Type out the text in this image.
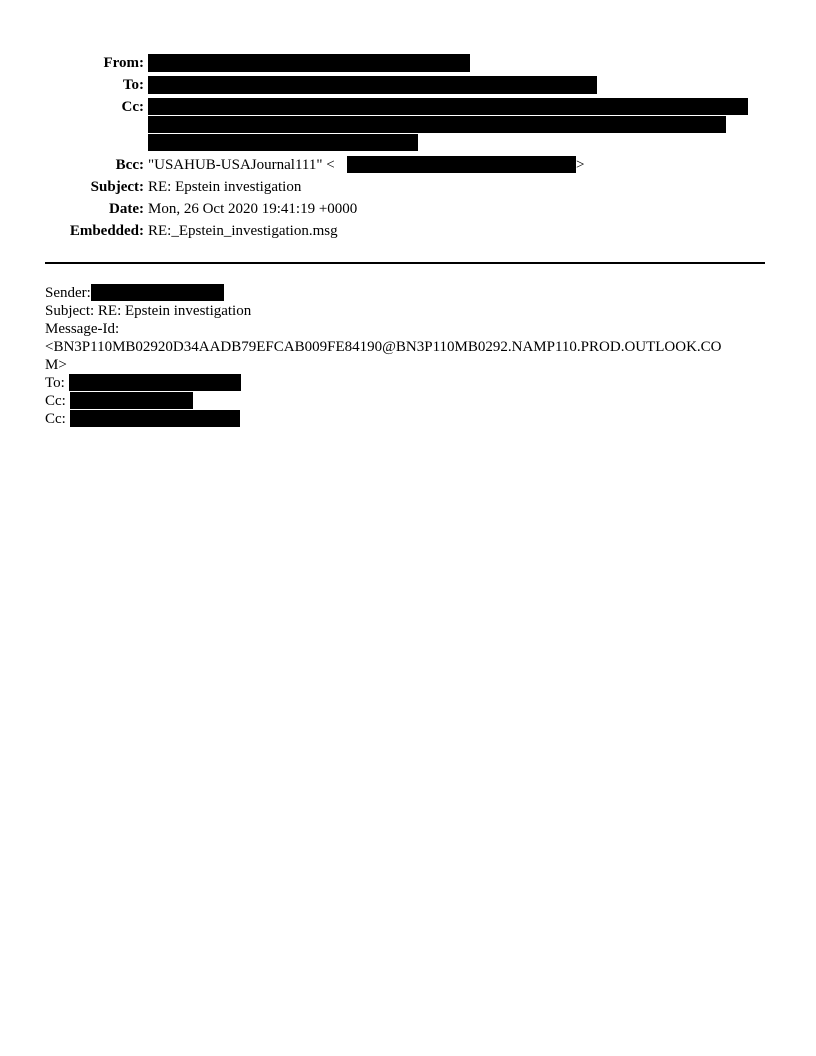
From:
To:
Cc:
Bcc: "USAHUB-USAJournal111" <	>
Subject: RE: Epstein investigation
Date: Mon, 26 Oct 2020 19:41:19 +0000
Embedded: RE:_Epstein_investigation.msg
Sender:
Subject: RE: Epstein investigation
Message-Id:
<BN3P110MB02920D34AADB79EFCAB009FE84190@BN3P110MB0292.NAMP110.PROD.OUTLOOK.CO
M>
To:
Cc:
Cc:
